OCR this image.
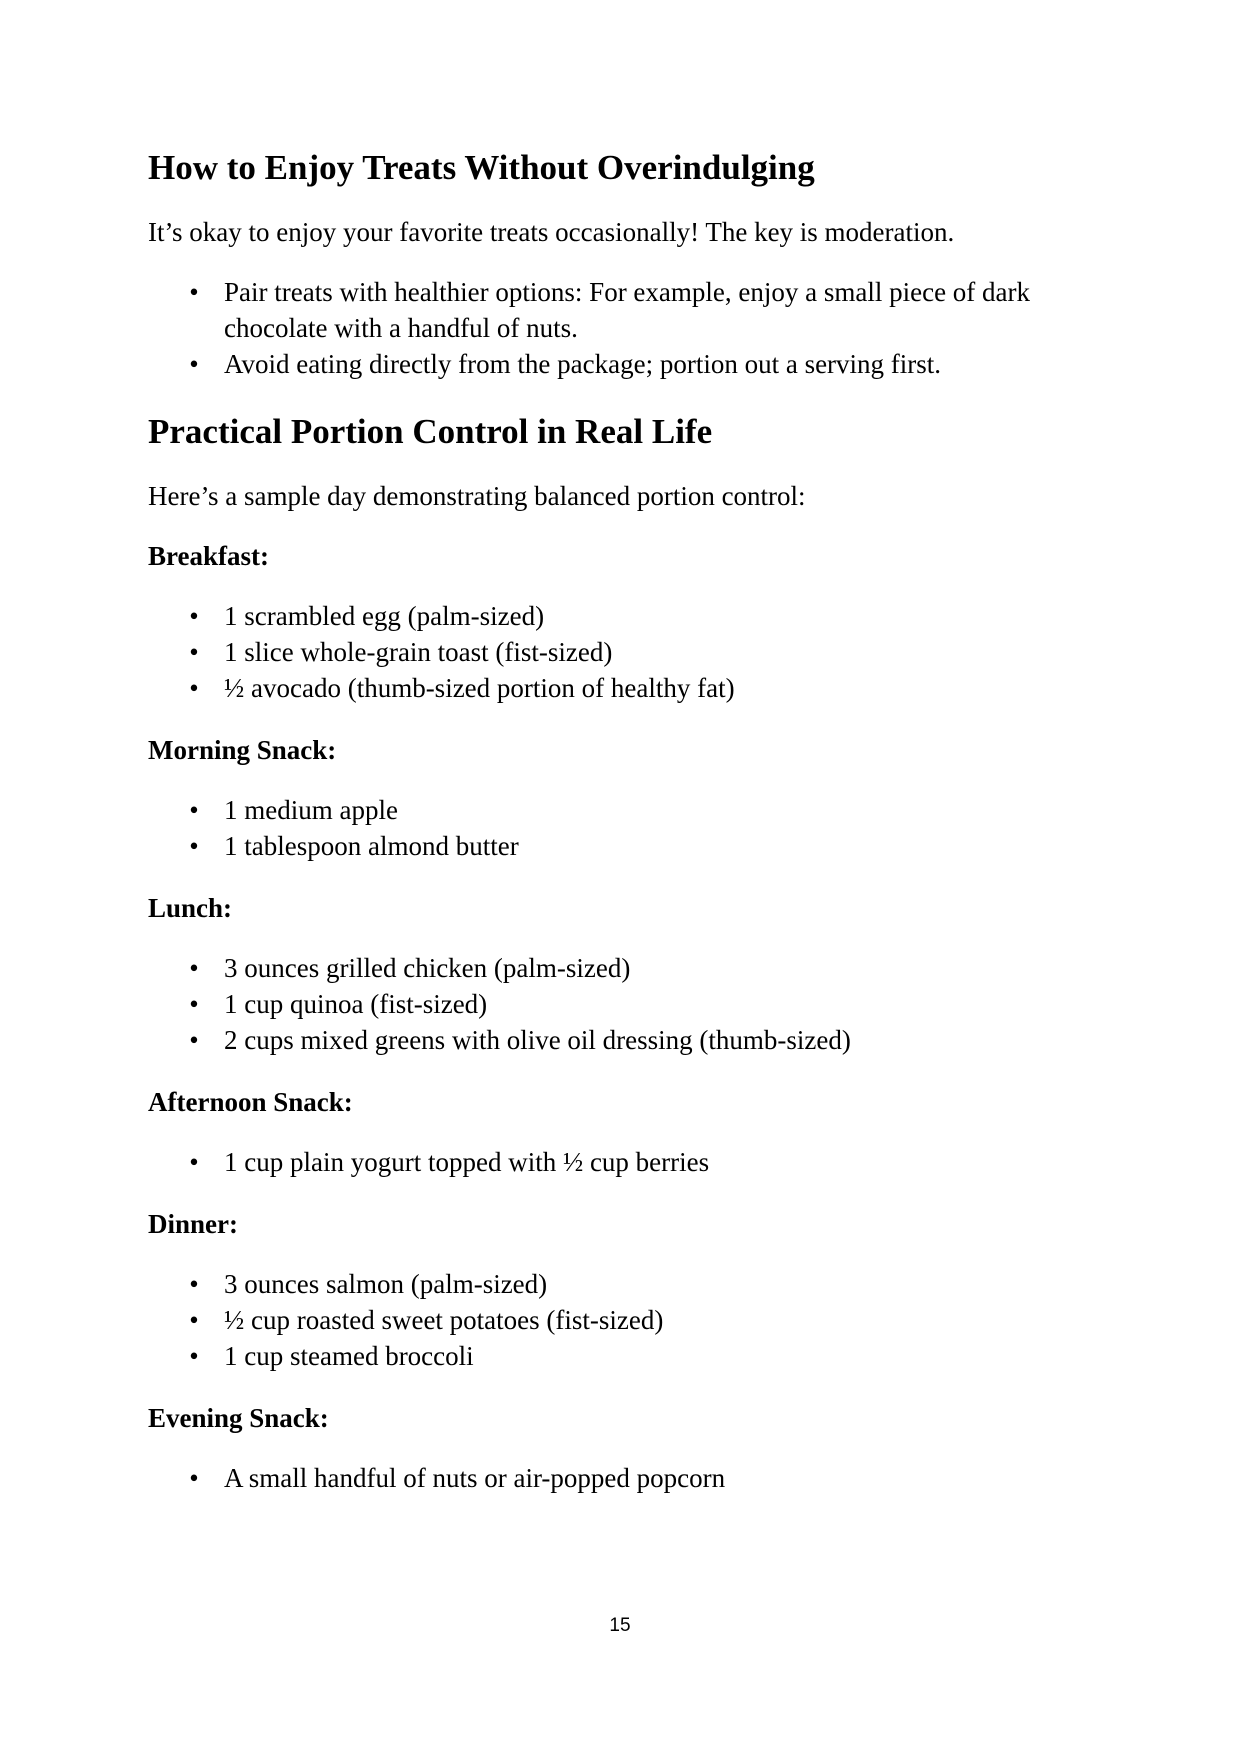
How to Enjoy Treats Without Overindulging

It’s okay to enjoy your favorite treats occasionally! The key is moderation.

• Pair treats with healthier options: For example, enjoy a small piece of dark chocolate with a handful of nuts.
• Avoid eating directly from the package; portion out a serving first.
Practical Portion Control in Real Life

Here’s a sample day demonstrating balanced portion control:

Breakfast:

• 1 scrambled egg (palm-sized)
• 1 slice whole-grain toast (fist-sized)
• ½ avocado (thumb-sized portion of healthy fat)

Morning Snack:

• 1 medium apple
• 1 tablespoon almond butter

Lunch:

• 3 ounces grilled chicken (palm-sized)
• 1 cup quinoa (fist-sized)
• 2 cups mixed greens with olive oil dressing (thumb-sized)

Afternoon Snack:

• 1 cup plain yogurt topped with ½ cup berries

Dinner:

• 3 ounces salmon (palm-sized)
• ½ cup roasted sweet potatoes (fist-sized)
• 1 cup steamed broccoli

Evening Snack:

• A small handful of nuts or air-popped popcorn
15
